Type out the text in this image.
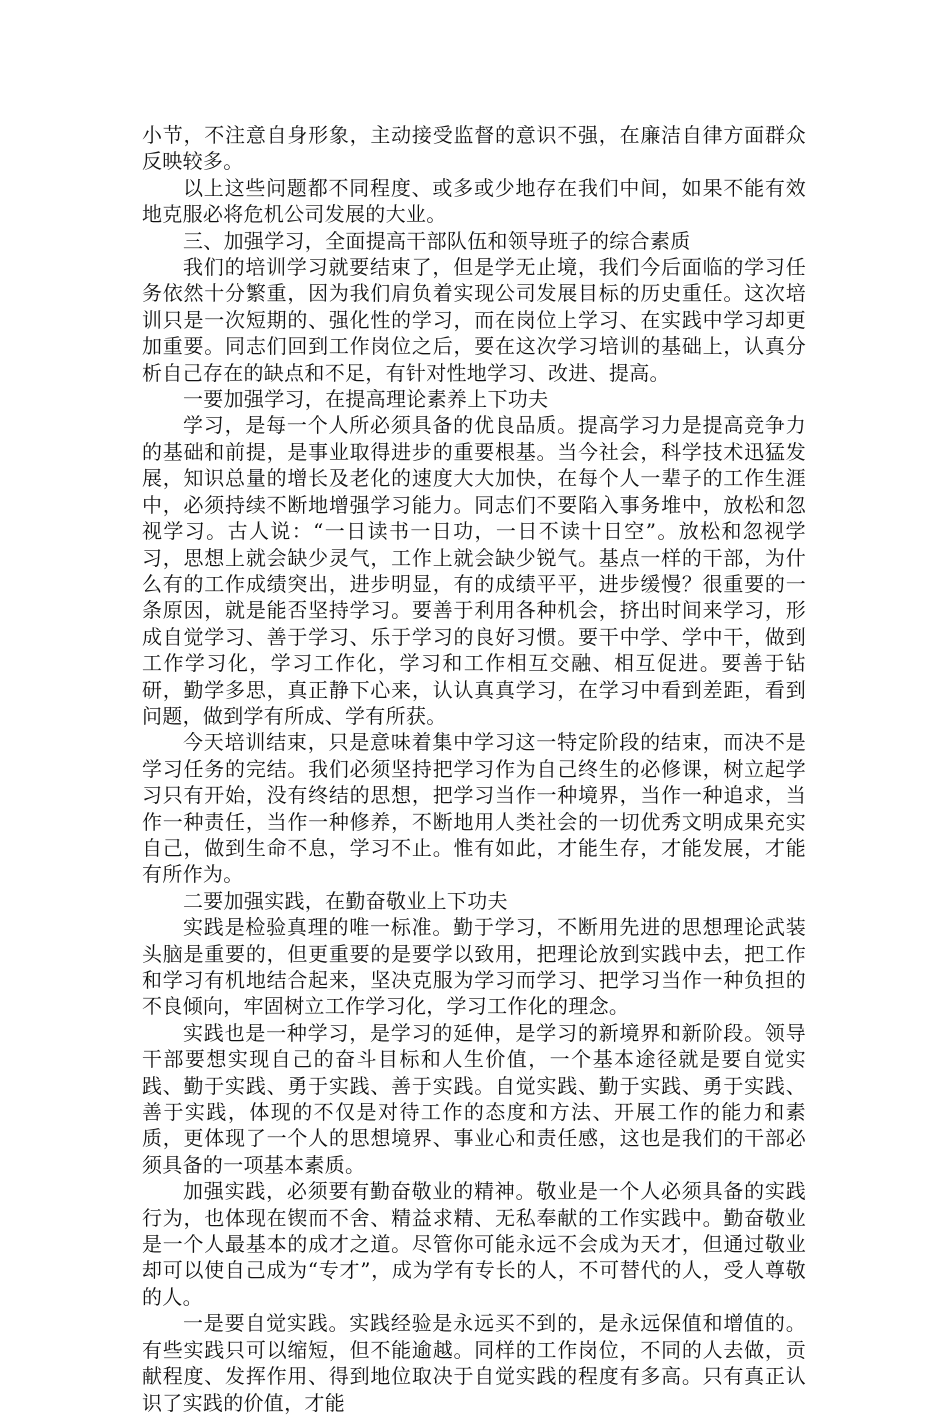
小节，不注意自身形象，主动接受监督的意识不强，在廉洁自律方面群众反映较多。

以上这些问题都不同程度、或多或少地存在我们中间，如果不能有效地克服必将危机公司发展的大业。

三、加强学习，全面提高干部队伍和领导班子的综合素质

我们的培训学习就要结束了，但是学无止境，我们今后面临的学习任务依然十分繁重，因为我们肩负着实现公司发展目标的历史重任。这次培训只是一次短期的、强化性的学习，而在岗位上学习、在实践中学习却更加重要。同志们回到工作岗位之后，要在这次学习培训的基础上，认真分析自己存在的缺点和不足，有针对性地学习、改进、提高。

一要加强学习，在提高理论素养上下功夫

学习，是每一个人所必须具备的优良品质。提高学习力是提高竞争力的基础和前提，是事业取得进步的重要根基。当今社会，科学技术迅猛发展，知识总量的增长及老化的速度大大加快，在每个人一辈子的工作生涯中，必须持续不断地增强学习能力。同志们不要陷入事务堆中，放松和忽视学习。古人说：“一日读书一日功，一日不读十日空”。放松和忽视学习，思想上就会缺少灵气，工作上就会缺少锐气。基点一样的干部，为什么有的工作成绩突出，进步明显，有的成绩平平，进步缓慢？很重要的一条原因，就是能否坚持学习。要善于利用各种机会，挤出时间来学习，形成自觉学习、善于学习、乐于学习的良好习惯。要干中学、学中干，做到工作学习化，学习工作化，学习和工作相互交融、相互促进。要善于钻研，勤学多思，真正静下心来，认认真真学习，在学习中看到差距，看到问题，做到学有所成、学有所获。

今天培训结束，只是意味着集中学习这一特定阶段的结束，而决不是学习任务的完结。我们必须坚持把学习作为自己终生的必修课，树立起学习只有开始，没有终结的思想，把学习当作一种境界，当作一种追求，当作一种责任，当作一种修养，不断地用人类社会的一切优秀文明成果充实自己，做到生命不息，学习不止。惟有如此，才能生存，才能发展，才能有所作为。

二要加强实践，在勤奋敬业上下功夫

实践是检验真理的唯一标准。勤于学习，不断用先进的思想理论武装头脑是重要的，但更重要的是要学以致用，把理论放到实践中去，把工作和学习有机地结合起来，坚决克服为学习而学习、把学习当作一种负担的不良倾向，牢固树立工作学习化，学习工作化的理念。

实践也是一种学习，是学习的延伸，是学习的新境界和新阶段。领导干部要想实现自己的奋斗目标和人生价值，一个基本途径就是要自觉实践、勤于实践、勇于实践、善于实践。自觉实践、勤于实践、勇于实践、善于实践，体现的不仅是对待工作的态度和方法、开展工作的能力和素质，更体现了一个人的思想境界、事业心和责任感，这也是我们的干部必须具备的一项基本素质。

加强实践，必须要有勤奋敬业的精神。敬业是一个人必须具备的实践行为，也体现在锲而不舍、精益求精、无私奉献的工作实践中。勤奋敬业是一个人最基本的成才之道。尽管你可能永远不会成为天才，但通过敬业却可以使自己成为“专才”，成为学有专长的人，不可替代的人，受人尊敬的人。

一是要自觉实践。实践经验是永远买不到的，是永远保值和增值的。有些实践只可以缩短，但不能逾越。同样的工作岗位，不同的人去做，贡献程度、发挥作用、得到地位取决于自觉实践的程度有多高。只有真正认识了实践的价值，才能
